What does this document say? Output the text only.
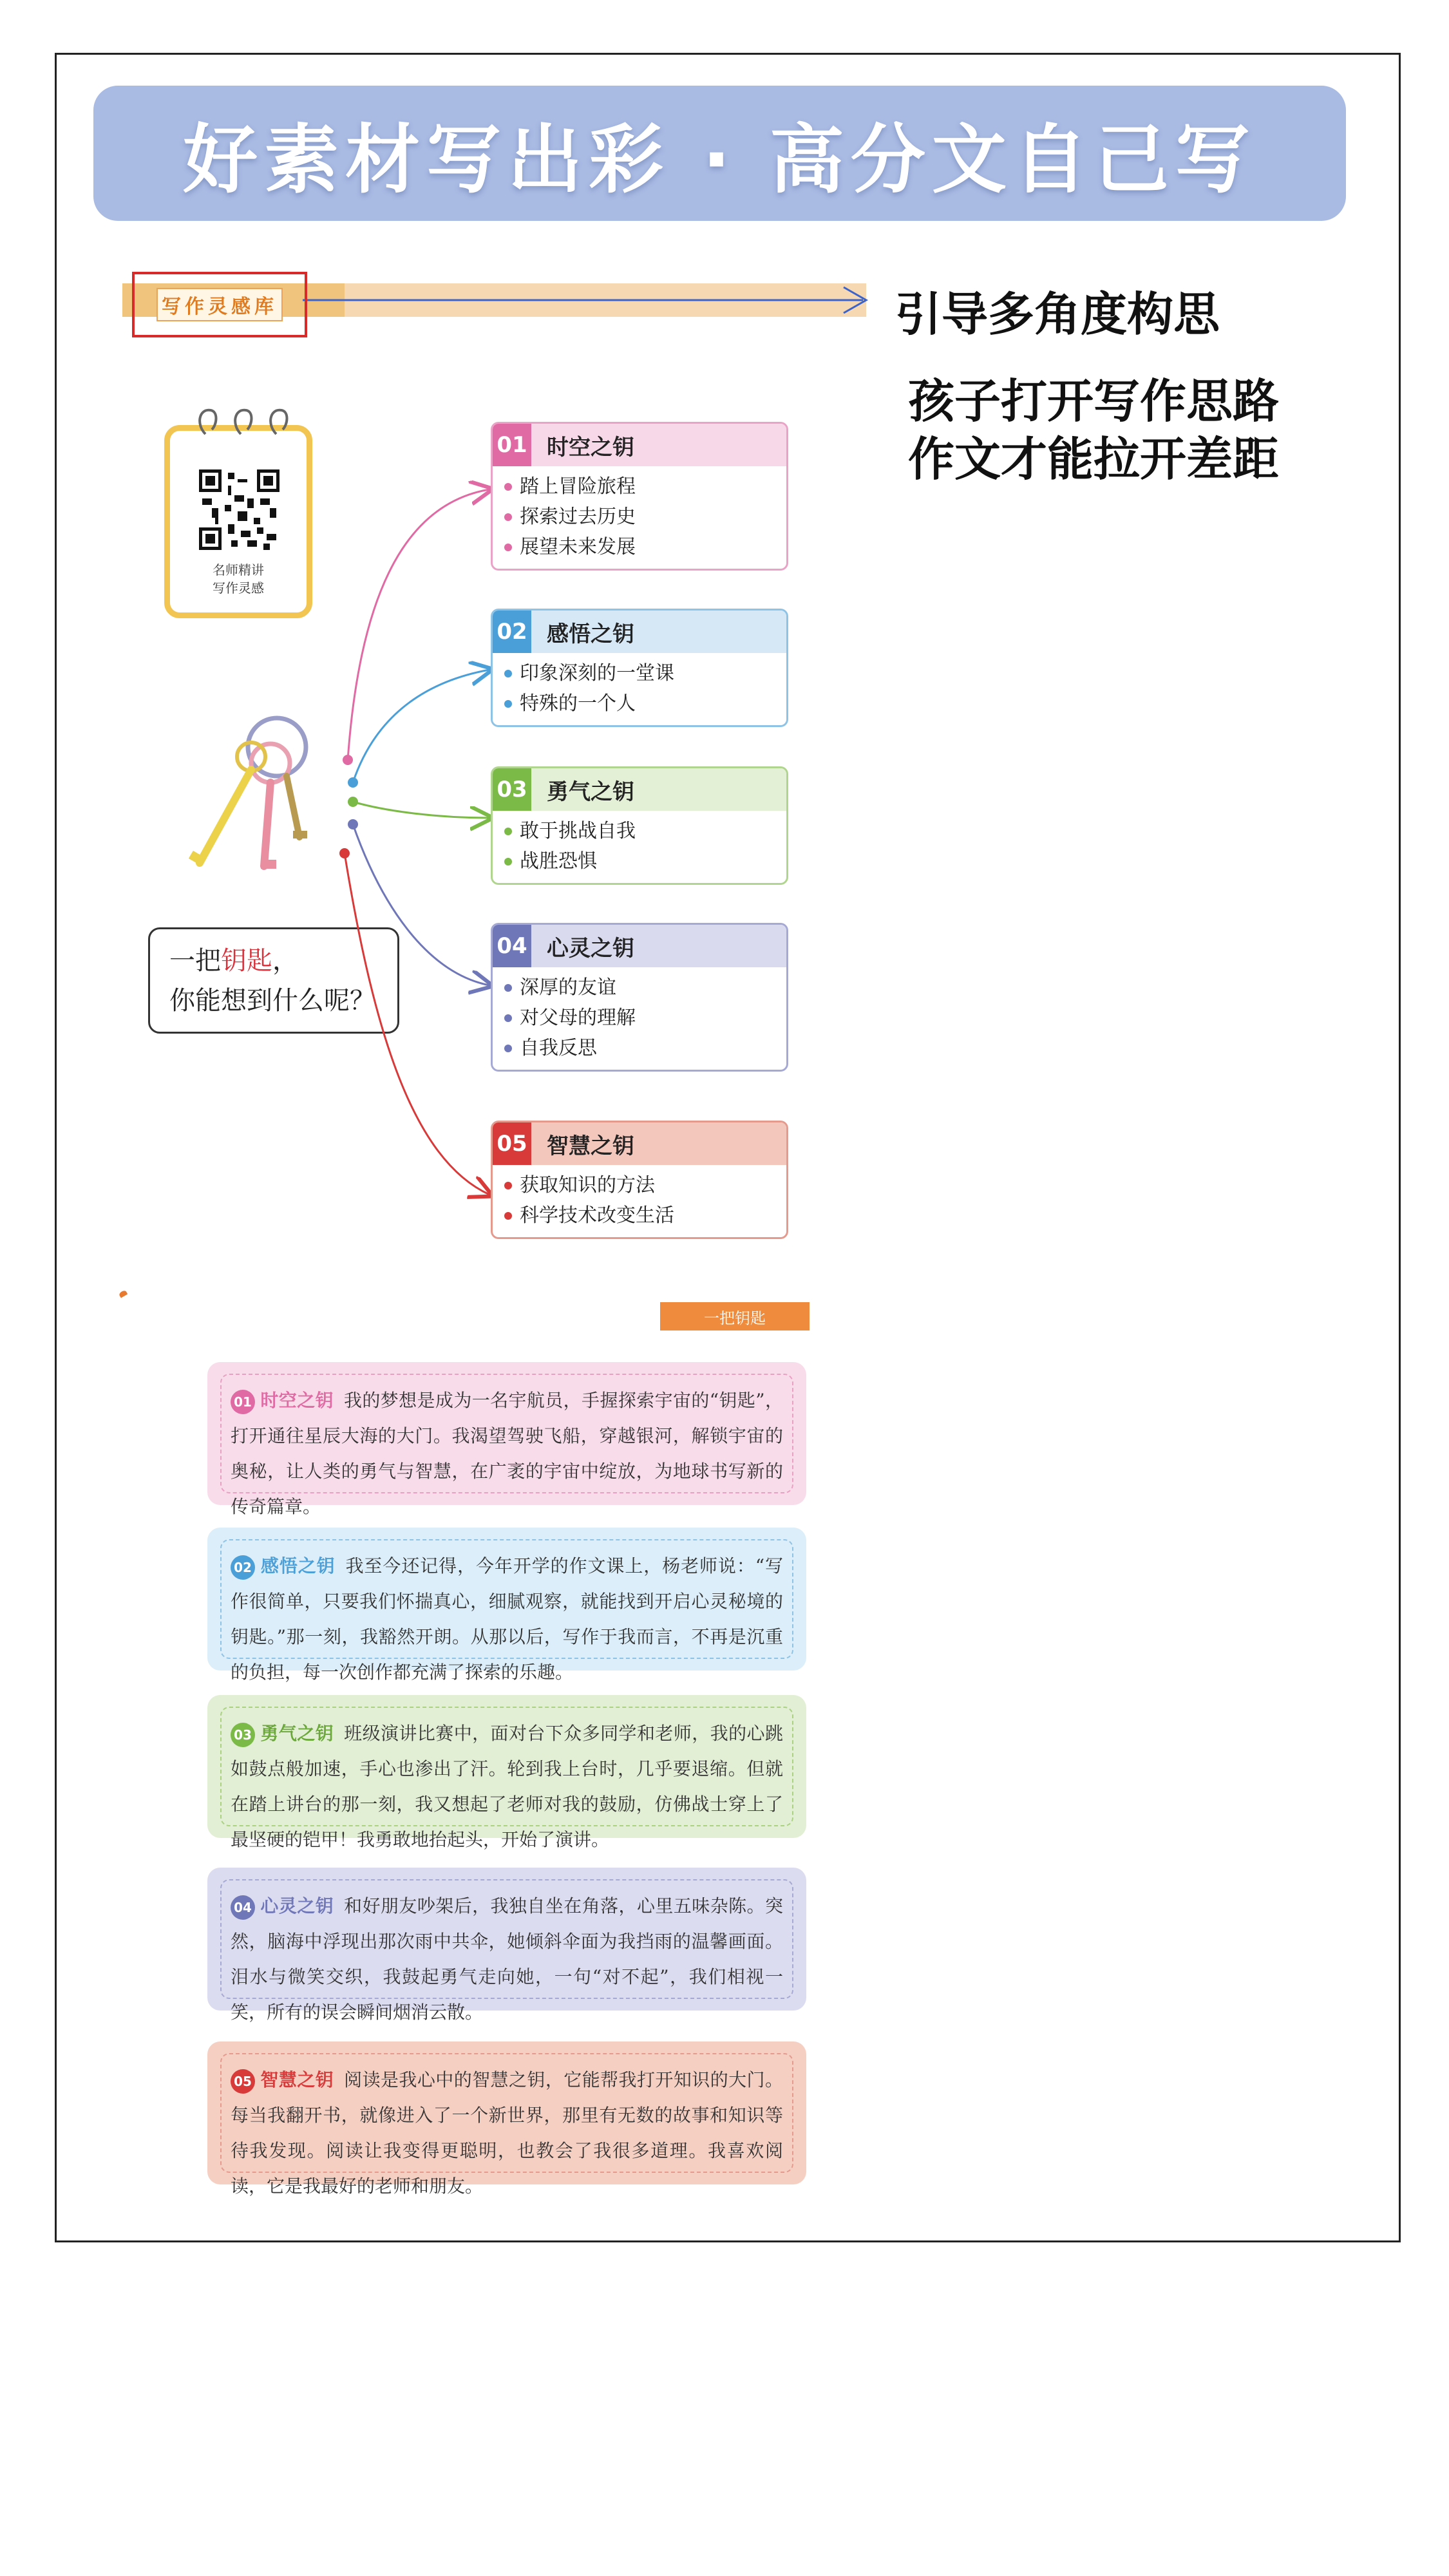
好素材写出彩 · 高分文自己写
写作灵感库	引导多角度构思
孩子打开写作思路
作文才能拉开差距
名师精讲
写作灵感
一把钥匙，
你能想到什么呢？
01 时空之钥
踏上冒险旅程
探索过去历史
展望未来发展
02 感悟之钥
印象深刻的一堂课
特殊的一个人
03 勇气之钥
敢于挑战自我
战胜恐惧
04 心灵之钥
深厚的友谊
对父母的理解
自我反思
05 智慧之钥
获取知识的方法
科学技术改变生活
一把钥匙

01 时空之钥 我的梦想是成为一名宇航员，手握探索宇宙的“钥匙”，打开通往星辰大海的大门。我渴望驾驶飞船，穿越银河，解锁宇宙的奥秘，让人类的勇气与智慧，在广袤的宇宙中绽放，为地球书写新的传奇篇章。

02 感悟之钥 我至今还记得，今年开学的作文课上，杨老师说：“写作很简单，只要我们怀揣真心，细腻观察，就能找到开启心灵秘境的钥匙。”那一刻，我豁然开朗。从那以后，写作于我而言，不再是沉重的负担，每一次创作都充满了探索的乐趣。

03 勇气之钥 班级演讲比赛中，面对台下众多同学和老师，我的心跳如鼓点般加速，手心也渗出了汗。轮到我上台时，几乎要退缩。但就在踏上讲台的那一刻，我又想起了老师对我的鼓励，仿佛战士穿上了最坚硬的铠甲！我勇敢地抬起头，开始了演讲。

04 心灵之钥 和好朋友吵架后，我独自坐在角落，心里五味杂陈。突然，脑海中浮现出那次雨中共伞，她倾斜伞面为我挡雨的温馨画面。泪水与微笑交织，我鼓起勇气走向她，一句“对不起”，我们相视一笑，所有的误会瞬间烟消云散。

05 智慧之钥 阅读是我心中的智慧之钥，它能帮我打开知识的大门。每当我翻开书，就像进入了一个新世界，那里有无数的故事和知识等待我发现。阅读让我变得更聪明，也教会了我很多道理。我喜欢阅读，它是我最好的老师和朋友。
